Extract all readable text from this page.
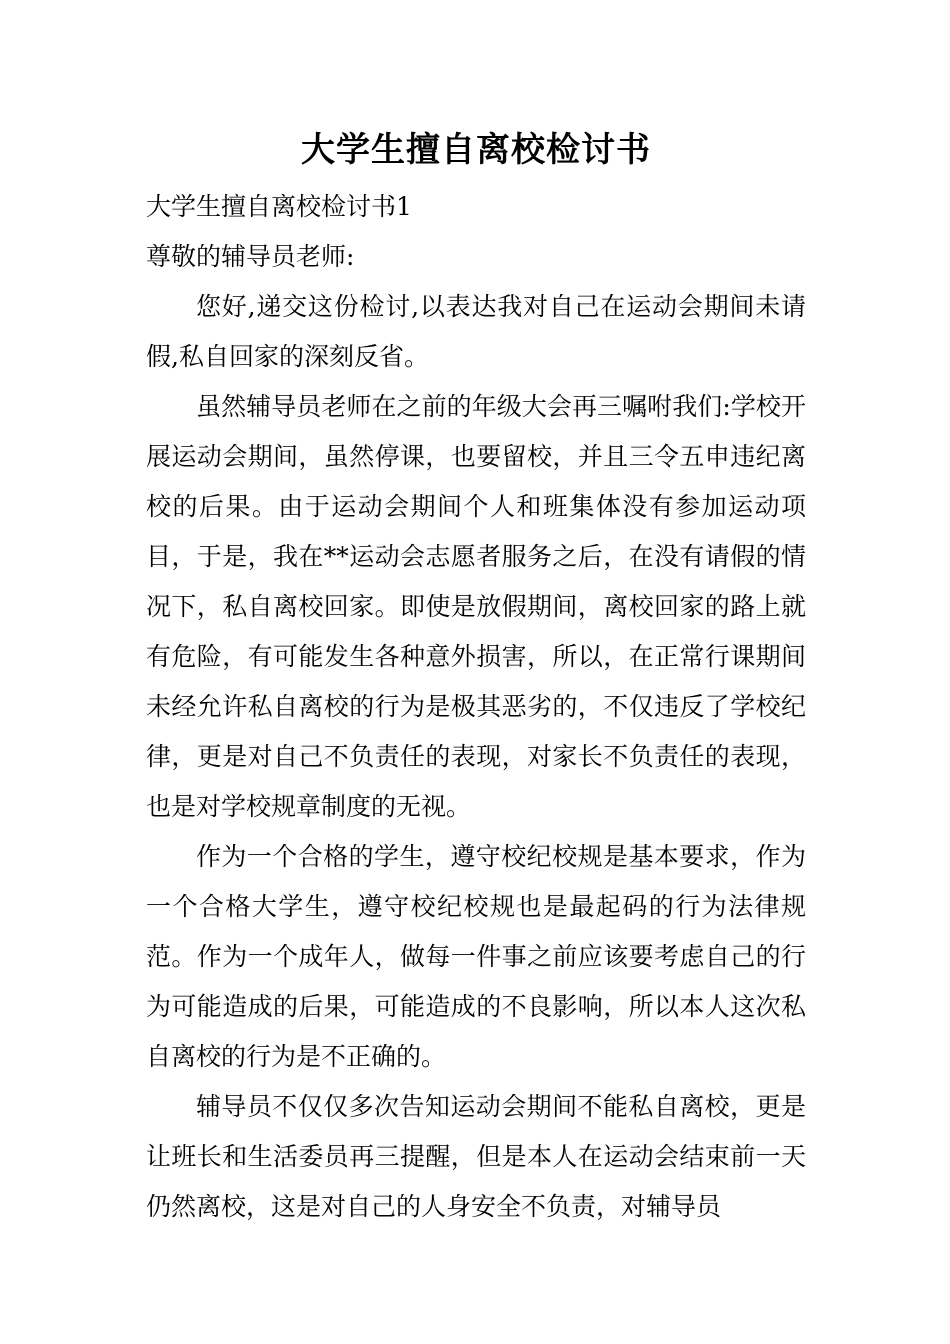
大学生擅自离校检讨书

大学生擅自离校检讨书1

尊敬的辅导员老师:

您好,递交这份检讨,以表达我对自己在运动会期间未请假,私自回家的深刻反省。

虽然辅导员老师在之前的年级大会再三嘱咐我们:学校开展运动会期间，虽然停课，也要留校，并且三令五申违纪离校的后果。由于运动会期间个人和班集体没有参加运动项目，于是，我在**运动会志愿者服务之后，在没有请假的情况下，私自离校回家。即使是放假期间，离校回家的路上就有危险，有可能发生各种意外损害，所以，在正常行课期间未经允许私自离校的行为是极其恶劣的，不仅违反了学校纪律，更是对自己不负责任的表现，对家长不负责任的表现，也是对学校规章制度的无视。

作为一个合格的学生，遵守校纪校规是基本要求，作为一个合格大学生，遵守校纪校规也是最起码的行为法律规范。作为一个成年人，做每一件事之前应该要考虑自己的行为可能造成的后果，可能造成的不良影响，所以本人这次私自离校的行为是不正确的。

辅导员不仅仅多次告知运动会期间不能私自离校，更是让班长和生活委员再三提醒，但是本人在运动会结束前一天仍然离校，这是对自己的人身安全不负责，对辅导员
